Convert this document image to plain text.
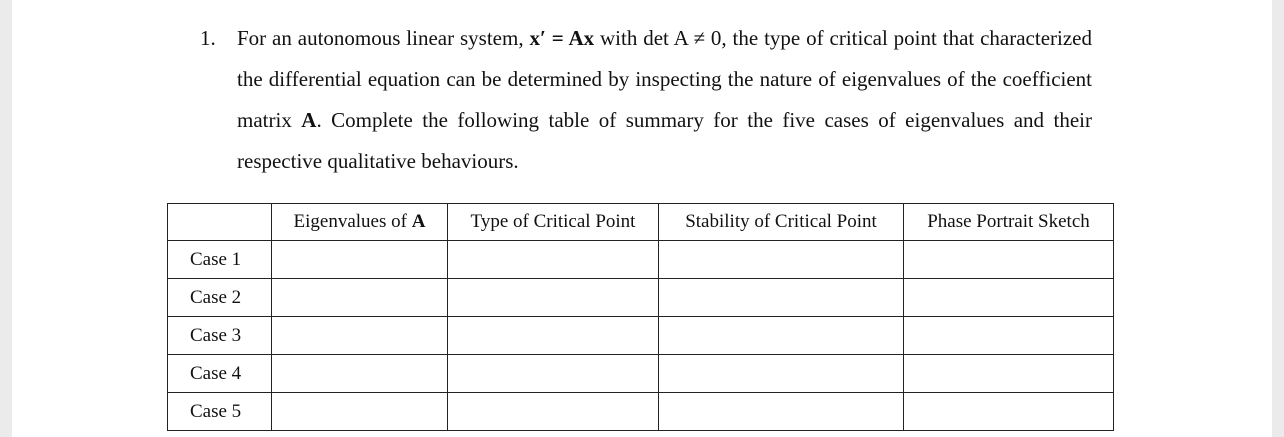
1. For an autonomous linear system, x′ = Ax with det A ≠ 0, the type of critical point that characterized the differential equation can be determined by inspecting the nature of eigenvalues of the coefficient matrix A. Complete the following table of summary for the five cases of eigenvalues and their respective qualitative behaviours.
	Eigenvalues of A	Type of Critical Point	Stability of Critical Point	Phase Portrait Sketch
Case 1				
Case 2				
Case 3				
Case 4				
Case 5				
